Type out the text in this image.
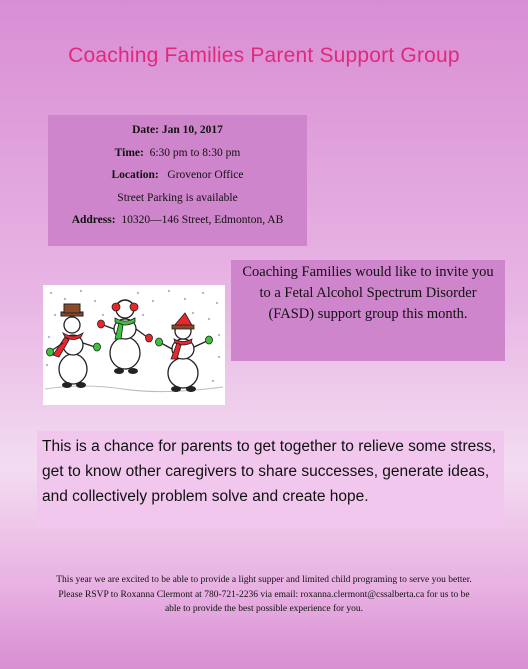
Coaching Families Parent Support Group
Date: Jan 10, 2017
Time: 6:30 pm to 8:30 pm
Location: Grovenor Office
Street Parking is available
Address: 10320—146 Street, Edmonton, AB
Coaching Families would like to invite you to a Fetal Alcohol Spectrum Disorder (FASD) support group this month.
This is a chance for parents to get together to relieve some stress, get to know other caregivers to share successes, generate ideas, and collectively problem solve and create hope.
This year we are excited to be able to provide a light supper and limited child programing to serve you better.
Please RSVP to Roxanna Clermont at 780-721-2236 via email: roxanna.clermont@cssalberta.ca for us to be
able to provide the best possible experience for you.
